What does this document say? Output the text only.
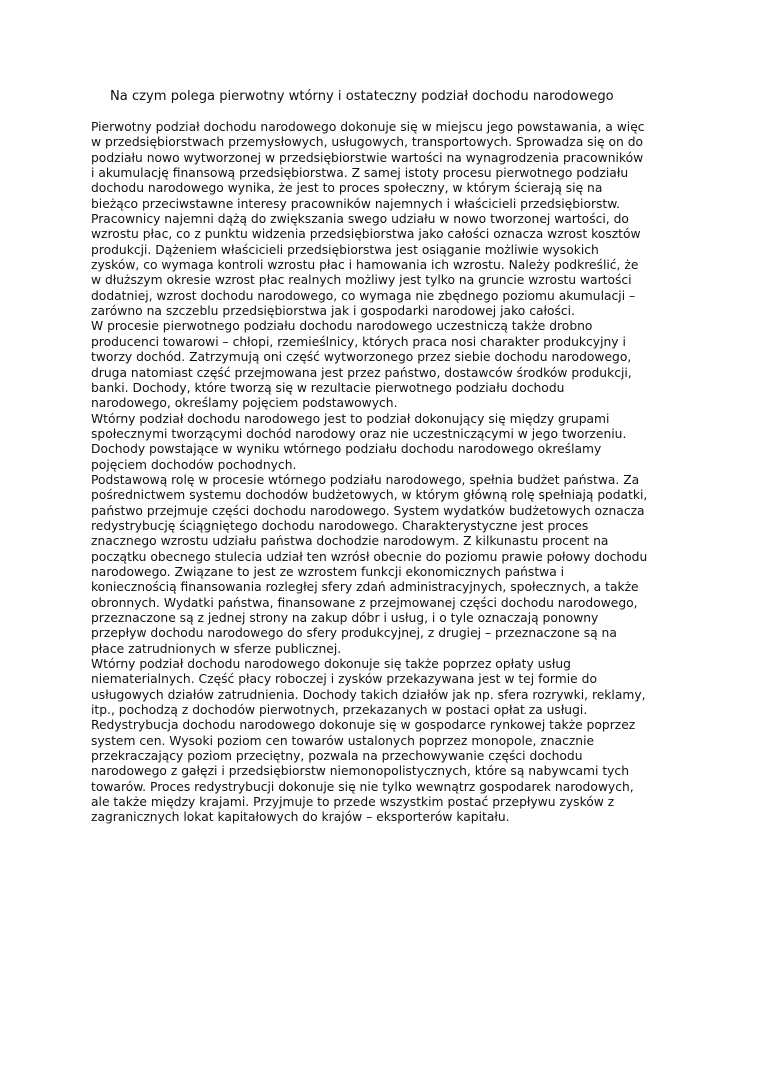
Na czym polega pierwotny wtórny i ostateczny podział dochodu narodowego
Pierwotny podział dochodu narodowego dokonuje się w miejscu jego powstawania, a więc
w przedsiębiorstwach przemysłowych, usługowych, transportowych. Sprowadza się on do
podziału nowo wytworzonej w przedsiębiorstwie wartości na wynagrodzenia pracowników
i akumulację finansową przedsiębiorstwa. Z samej istoty procesu pierwotnego podziału
dochodu narodowego wynika, że jest to proces społeczny, w którym ścierają się na
bieżąco przeciwstawne interesy pracowników najemnych i właścicieli przedsiębiorstw.
Pracownicy najemni dążą do zwiększania swego udziału w nowo tworzonej wartości, do
wzrostu płac, co z punktu widzenia przedsiębiorstwa jako całości oznacza wzrost kosztów
produkcji. Dążeniem właścicieli przedsiębiorstwa jest osiąganie możliwie wysokich
zysków, co wymaga kontroli wzrostu płac i hamowania ich wzrostu. Należy podkreślić, że
w dłuższym okresie wzrost płac realnych możliwy jest tylko na gruncie wzrostu wartości
dodatniej, wzrost dochodu narodowego, co wymaga nie zbędnego poziomu akumulacji –
zarówno na szczeblu przedsiębiorstwa jak i gospodarki narodowej jako całości.
W procesie pierwotnego podziału dochodu narodowego uczestniczą także drobno
producenci towarowi – chłopi, rzemieślnicy, których praca nosi charakter produkcyjny i
tworzy dochód. Zatrzymują oni część wytworzonego przez siebie dochodu narodowego,
druga natomiast część przejmowana jest przez państwo, dostawców środków produkcji,
banki. Dochody, które tworzą się w rezultacie pierwotnego podziału dochodu
narodowego, określamy pojęciem podstawowych.
Wtórny podział dochodu narodowego jest to podział dokonujący się między grupami
społecznymi tworzącymi dochód narodowy oraz nie uczestniczącymi w jego tworzeniu.
Dochody powstające w wyniku wtórnego podziału dochodu narodowego określamy
pojęciem dochodów pochodnych.
Podstawową rolę w procesie wtórnego podziału narodowego, spełnia budżet państwa. Za
pośrednictwem systemu dochodów budżetowych, w którym główną rolę spełniają podatki,
państwo przejmuje części dochodu narodowego. System wydatków budżetowych oznacza
redystrybucję ściągniętego dochodu narodowego. Charakterystyczne jest proces
znacznego wzrostu udziału państwa dochodzie narodowym. Z kilkunastu procent na
początku obecnego stulecia udział ten wzrósł obecnie do poziomu prawie połowy dochodu
narodowego. Związane to jest ze wzrostem funkcji ekonomicznych państwa i
koniecznością finansowania rozległej sfery zdań administracyjnych, społecznych, a także
obronnych. Wydatki państwa, finansowane z przejmowanej części dochodu narodowego,
przeznaczone są z jednej strony na zakup dóbr i usług, i o tyle oznaczają ponowny
przepływ dochodu narodowego do sfery produkcyjnej, z drugiej – przeznaczone są na
płace zatrudnionych w sferze publicznej.
Wtórny podział dochodu narodowego dokonuje się także poprzez opłaty usług
niematerialnych. Część płacy roboczej i zysków przekazywana jest w tej formie do
usługowych działów zatrudnienia. Dochody takich działów jak np. sfera rozrywki, reklamy,
itp., pochodzą z dochodów pierwotnych, przekazanych w postaci opłat za usługi.
Redystrybucja dochodu narodowego dokonuje się w gospodarce rynkowej także poprzez
system cen. Wysoki poziom cen towarów ustalonych poprzez monopole, znacznie
przekraczający poziom przeciętny, pozwala na przechowywanie części dochodu
narodowego z gałęzi i przedsiębiorstw niemonopolistycznych, które są nabywcami tych
towarów. Proces redystrybucji dokonuje się nie tylko wewnątrz gospodarek narodowych,
ale także między krajami. Przyjmuje to przede wszystkim postać przepływu zysków z
zagranicznych lokat kapitałowych do krajów – eksporterów kapitału.
